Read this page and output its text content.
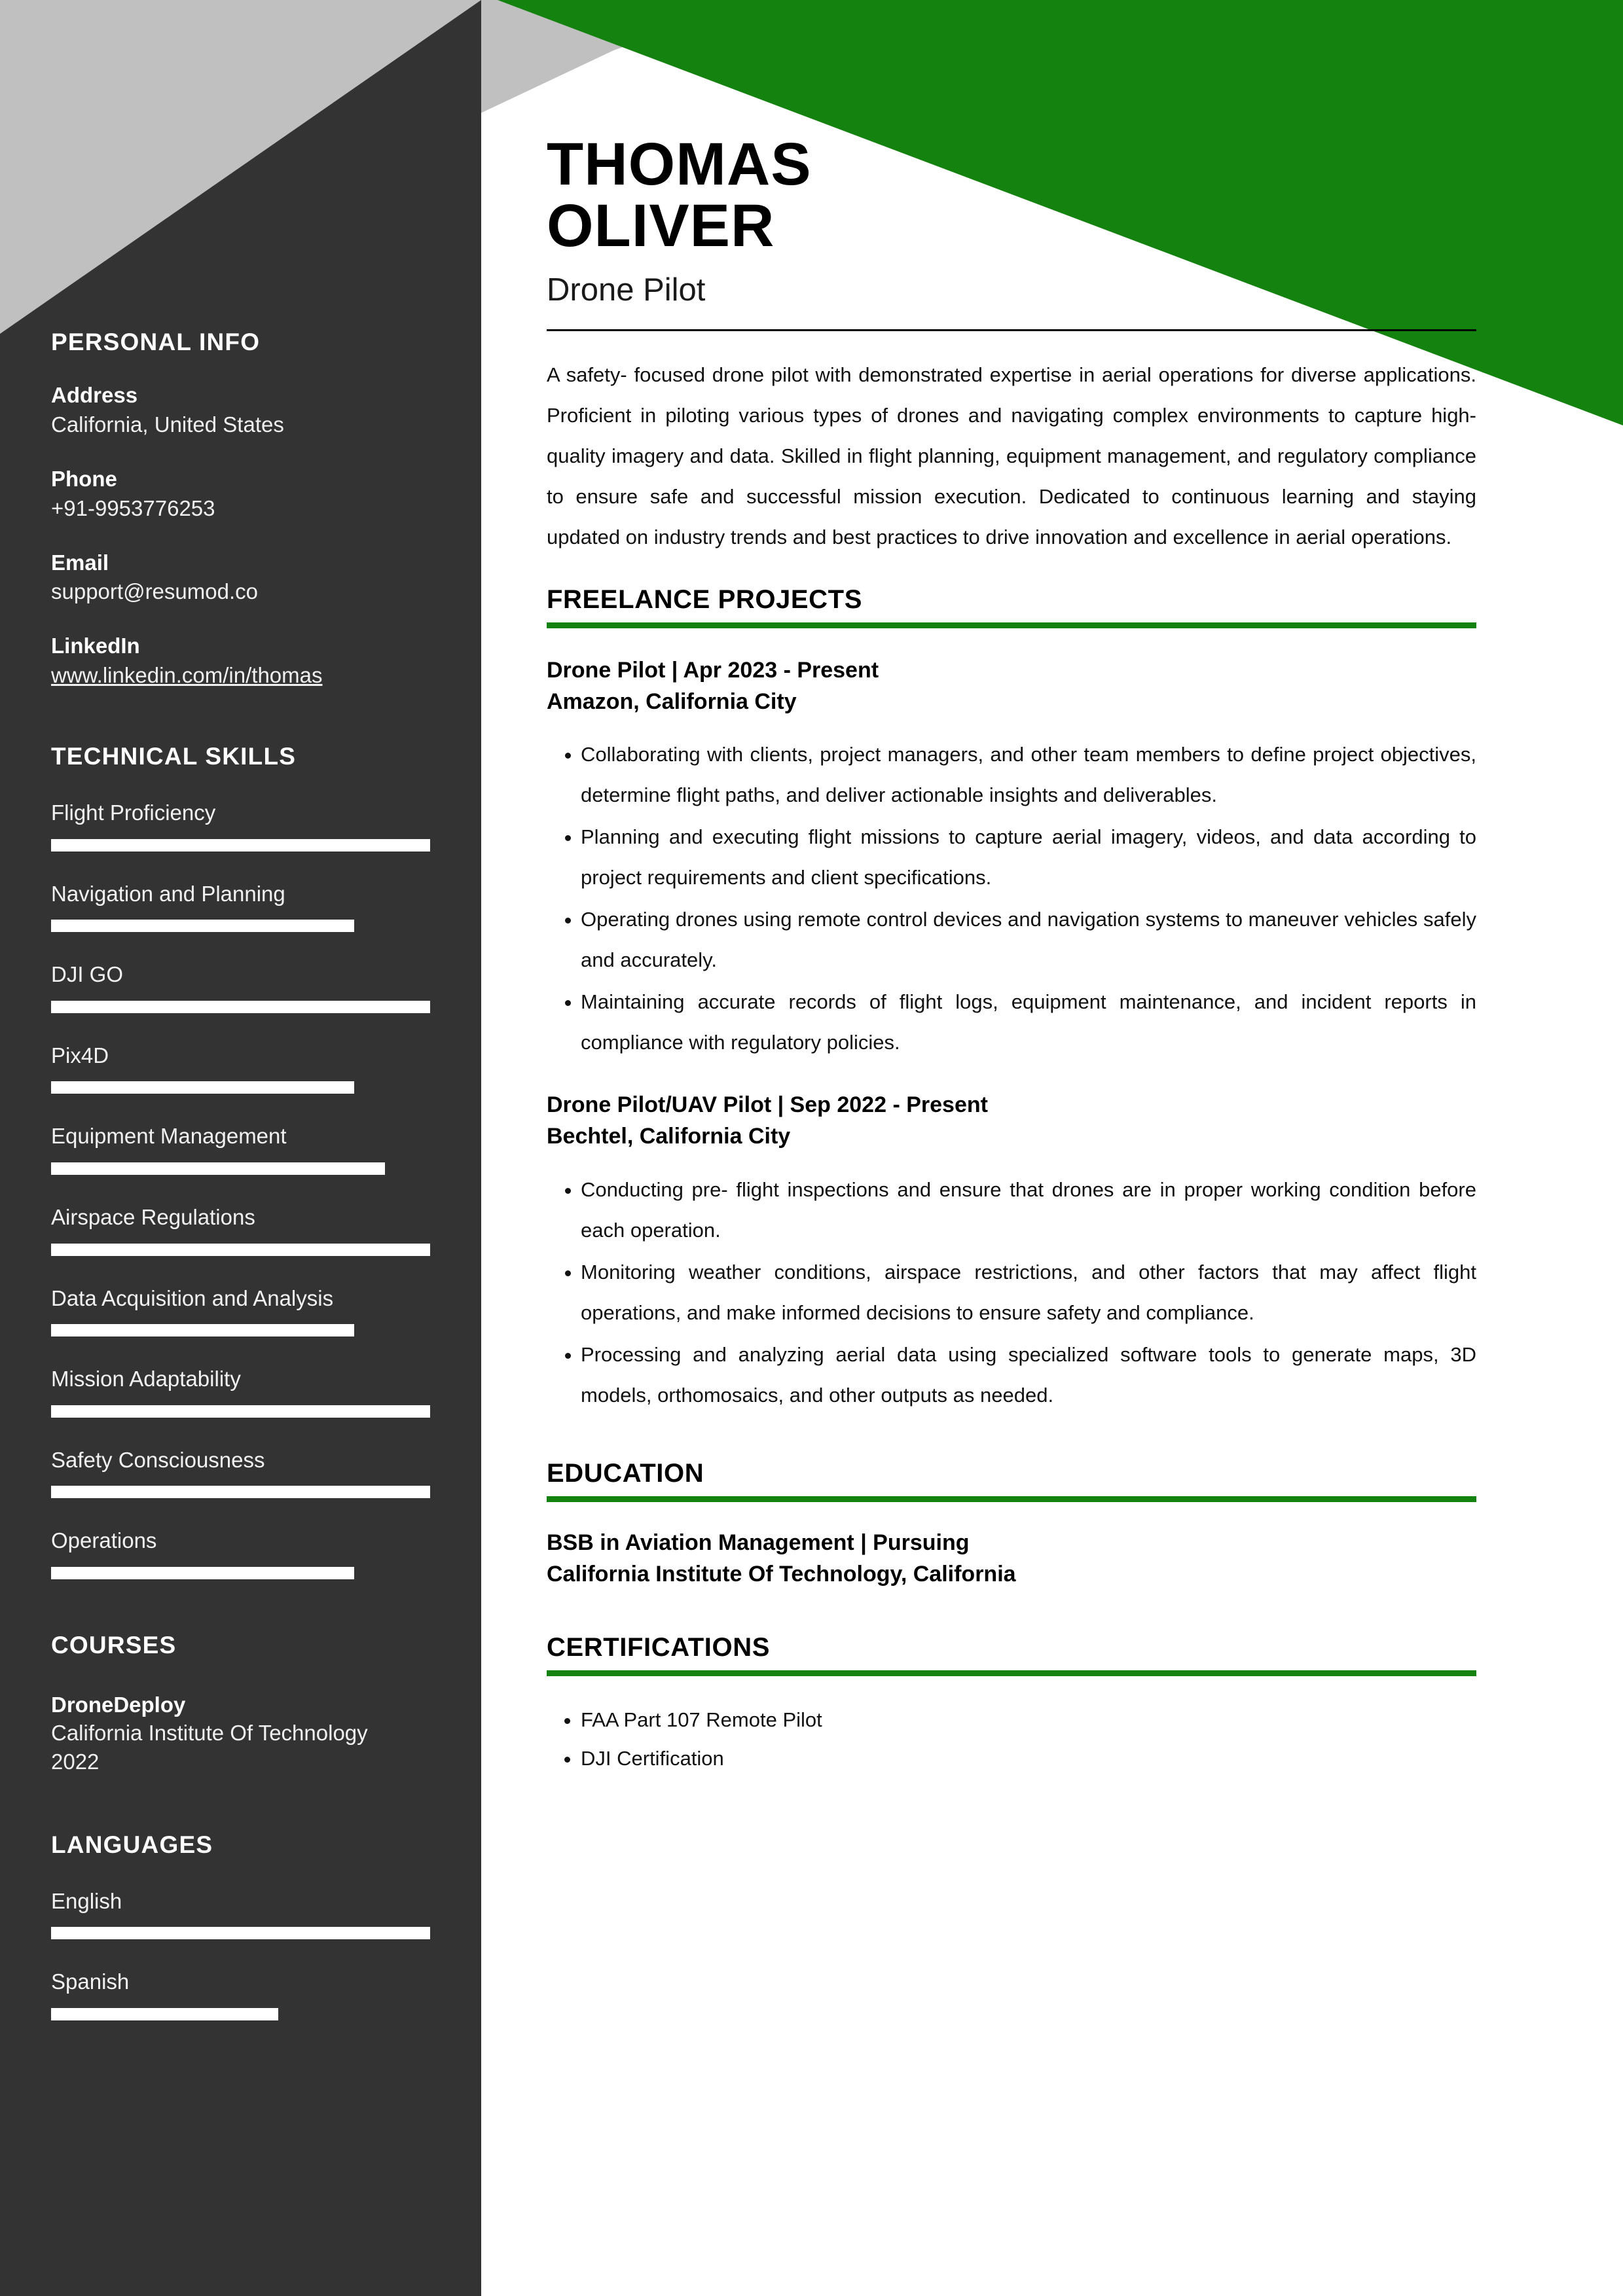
PERSONAL INFO
Address
California, United States
Phone
+91-9953776253
Email
support@resumod.co
LinkedIn
www.linkedin.com/in/thomas
TECHNICAL SKILLS
Flight Proficiency
Navigation and Planning
DJI GO
Pix4D
Equipment Management
Airspace Regulations
Data Acquisition and Analysis
Mission Adaptability
Safety Consciousness
Operations
COURSES
DroneDeploy
California Institute Of Technology
2022
LANGUAGES
English
Spanish
THOMAS
OLIVER
Drone Pilot
A safety- focused drone pilot with demonstrated expertise in aerial operations for diverse applications. Proficient in piloting various types of drones and navigating complex environments to capture high- quality imagery and data. Skilled in flight planning, equipment management, and regulatory compliance to ensure safe and successful mission execution. Dedicated to continuous learning and staying updated on industry trends and best practices to drive innovation and excellence in aerial operations.
FREELANCE PROJECTS
Drone Pilot | Apr 2023 - Present
Amazon, California City
• Collaborating with clients, project managers, and other team members to define project objectives, determine flight paths, and deliver actionable insights and deliverables.
• Planning and executing flight missions to capture aerial imagery, videos, and data according to project requirements and client specifications.
• Operating drones using remote control devices and navigation systems to maneuver vehicles safely and accurately.
• Maintaining accurate records of flight logs, equipment maintenance, and incident reports in compliance with regulatory policies.
Drone Pilot/UAV Pilot | Sep 2022 - Present
Bechtel, California City
• Conducting pre- flight inspections and ensure that drones are in proper working condition before each operation.
• Monitoring weather conditions, airspace restrictions, and other factors that may affect flight operations, and make informed decisions to ensure safety and compliance.
• Processing and analyzing aerial data using specialized software tools to generate maps, 3D models, orthomosaics, and other outputs as needed.
EDUCATION
BSB in Aviation Management | Pursuing
California Institute Of Technology, California
CERTIFICATIONS
• FAA Part 107 Remote Pilot
• DJI Certification
